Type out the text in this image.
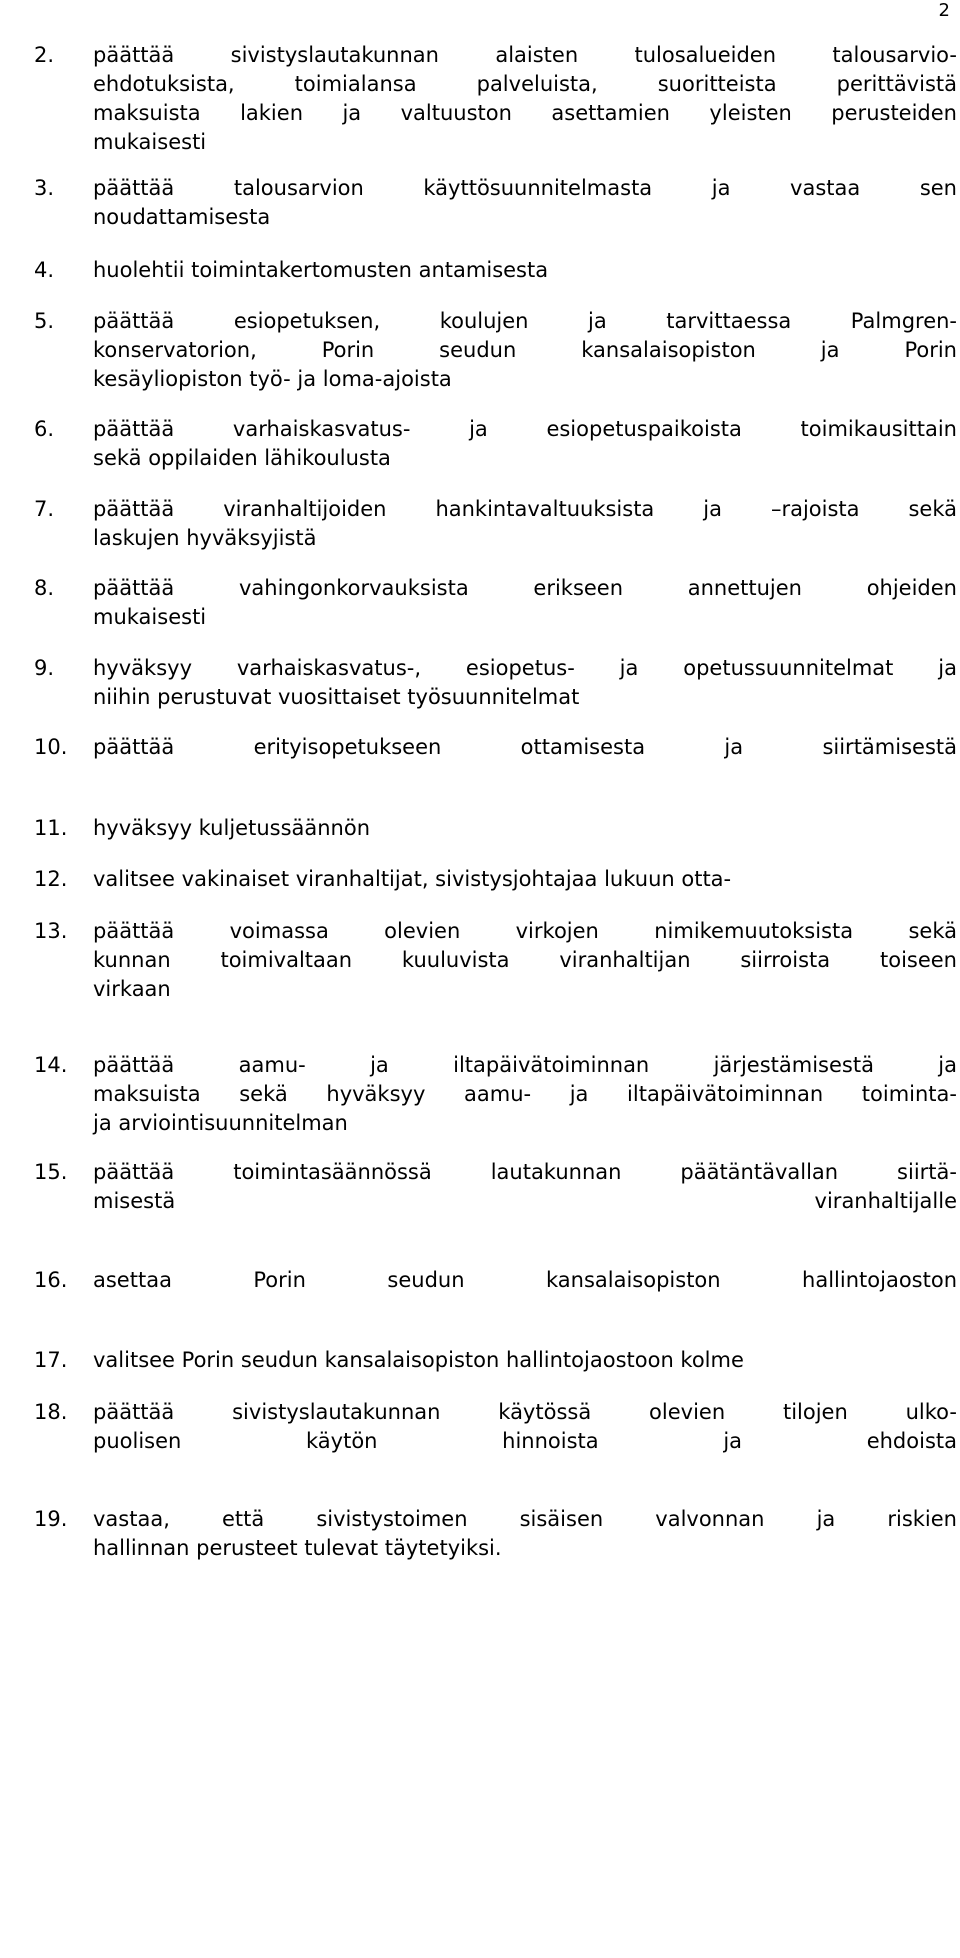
2
2. päättää sivistyslautakunnan alaisten tulosalueiden talousarvio-
ehdotuksista, toimialansa palveluista, suoritteista perittävistä
maksuista lakien ja valtuuston asettamien yleisten perusteiden
mukaisesti
3. päättää talousarvion käyttösuunnitelmasta ja vastaa sen
noudattamisesta
4. huolehtii toimintakertomusten antamisesta
5. päättää esiopetuksen, koulujen ja tarvittaessa Palmgren-
konservatorion, Porin seudun kansalaisopiston ja Porin
kesäyliopiston työ- ja loma-ajoista
6. päättää varhaiskasvatus- ja esiopetuspaikoista toimikausittain
sekä oppilaiden lähikoulusta
7. päättää viranhaltijoiden hankintavaltuuksista ja –rajoista sekä
laskujen hyväksyjistä
8. päättää vahingonkorvauksista erikseen annettujen ohjeiden
mukaisesti
9. hyväksyy varhaiskasvatus-, esiopetus- ja opetussuunnitelmat ja
niihin perustuvat vuosittaiset työsuunnitelmat
10. päättää erityisopetukseen ottamisesta ja siirtämisestä
11. hyväksyy kuljetussäännön
12. valitsee vakinaiset viranhaltijat, sivistysjohtajaa lukuun otta-
13. päättää voimassa olevien virkojen nimikemuutoksista sekä
kunnan toimivaltaan kuuluvista viranhaltijan siirroista toiseen
virkaan
14. päättää aamu- ja iltapäivätoiminnan järjestämisestä ja
maksuista sekä hyväksyy aamu- ja iltapäivätoiminnan toiminta-
ja arviointisuunnitelman
15. päättää toimintasäännössä lautakunnan päätäntävallan siirtä-
misestä viranhaltijalle
16. asettaa Porin seudun kansalaisopiston hallintojaoston
17. valitsee Porin seudun kansalaisopiston hallintojaostoon kolme
18. päättää sivistyslautakunnan käytössä olevien tilojen ulko-
puolisen käytön hinnoista ja ehdoista
19. vastaa, että sivistystoimen sisäisen valvonnan ja riskien
hallinnan perusteet tulevat täytetyiksi.
